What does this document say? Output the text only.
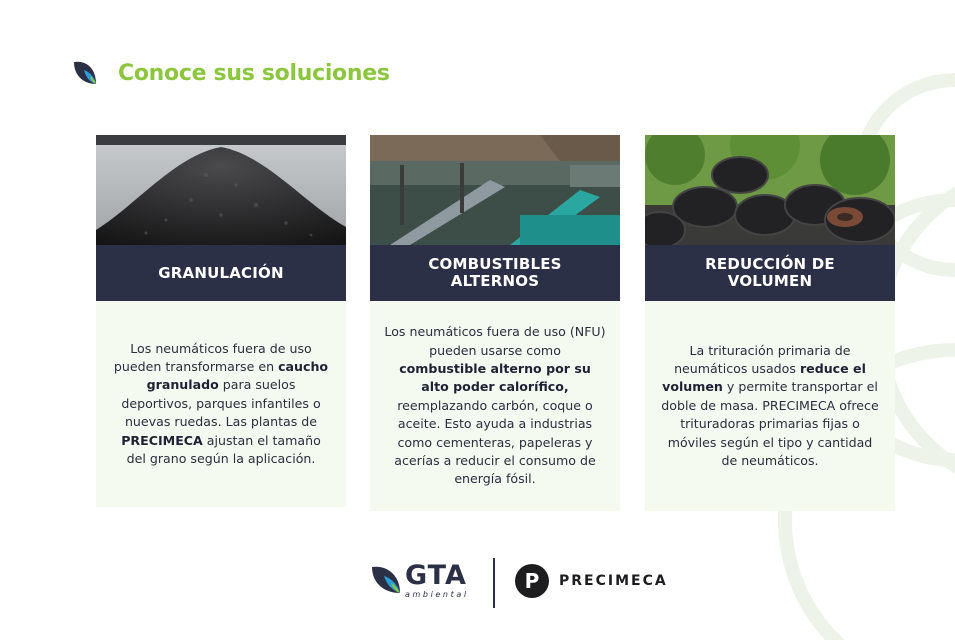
Conoce sus soluciones
GRANULACIÓN

Los neumáticos fuera de uso pueden transformarse en caucho granulado para suelos deportivos, parques infantiles o nuevas ruedas. Las plantas de PRECIMECA ajustan el tamaño del grano según la aplicación.

COMBUSTIBLES ALTERNOS

Los neumáticos fuera de uso (NFU) pueden usarse como combustible alterno por su alto poder calorífico, reemplazando carbón, coque o aceite. Esto ayuda a industrias como cementeras, papeleras y acerías a reducir el consumo de energía fósil.

REDUCCIÓN DE VOLUMEN

La trituración primaria de neumáticos usados reduce el volumen y permite transportar el doble de masa. PRECIMECA ofrece trituradoras primarias fijas o móviles según el tipo y cantidad de neumáticos.

GTA
ambiental
P	PRECIMECA
